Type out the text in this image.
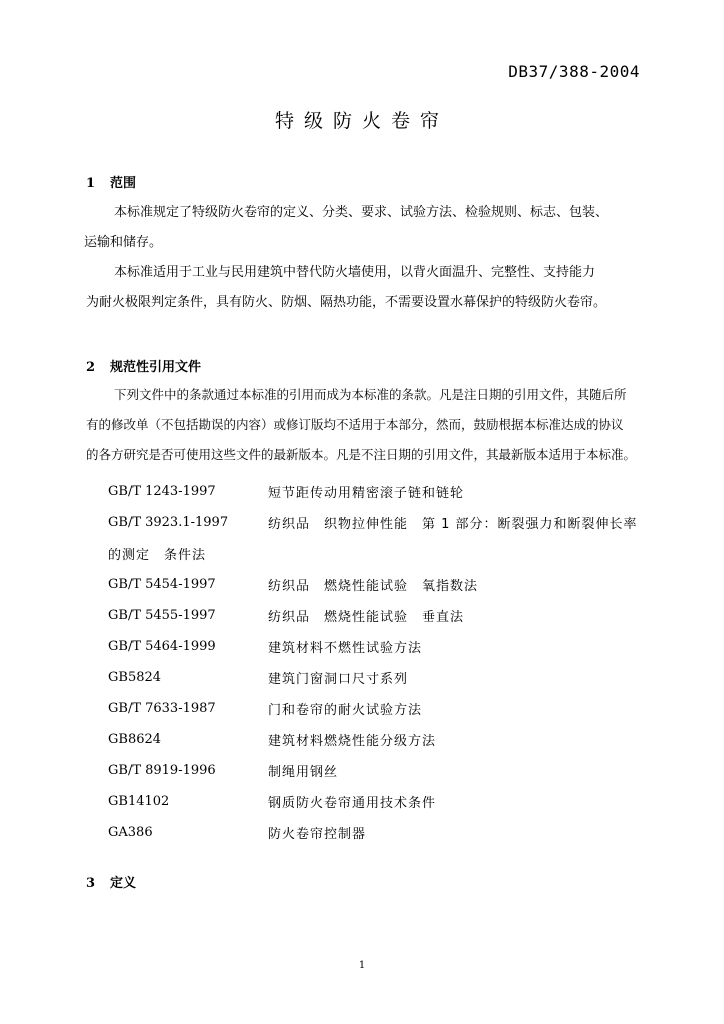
DB37/388-2004
特级防火卷帘
1 范围
本标准规定了特级防火卷帘的定义、分类、要求、试验方法、检验规则、标志、包装、
运输和储存。
本标准适用于工业与民用建筑中替代防火墙使用，以背火面温升、完整性、支持能力
为耐火极限判定条件，具有防火、防烟、隔热功能，不需要设置水幕保护的特级防火卷帘。
2 规范性引用文件
下列文件中的条款通过本标准的引用而成为本标准的条款。凡是注日期的引用文件，其随后所
有的修改单（不包括勘误的内容）或修订版均不适用于本部分，然而，鼓励根据本标准达成的协议
的各方研究是否可使用这些文件的最新版本。凡是不注日期的引用文件，其最新版本适用于本标准。
GB/T 1243-1997	短节距传动用精密滚子链和链轮
GB/T 3923.1-1997	纺织品　织物拉伸性能　第 1 部分：断裂强力和断裂伸长率
的测定　条件法
GB/T 5454-1997	纺织品　燃烧性能试验　氧指数法
GB/T 5455-1997	纺织品　燃烧性能试验　垂直法
GB/T 5464-1999	建筑材料不燃性试验方法
GB5824	建筑门窗洞口尺寸系列
GB/T 7633-1987	门和卷帘的耐火试验方法
GB8624	建筑材料燃烧性能分级方法
GB/T 8919-1996	制绳用钢丝
GB14102	钢质防火卷帘通用技术条件
GA386	防火卷帘控制器
3 定义
1
